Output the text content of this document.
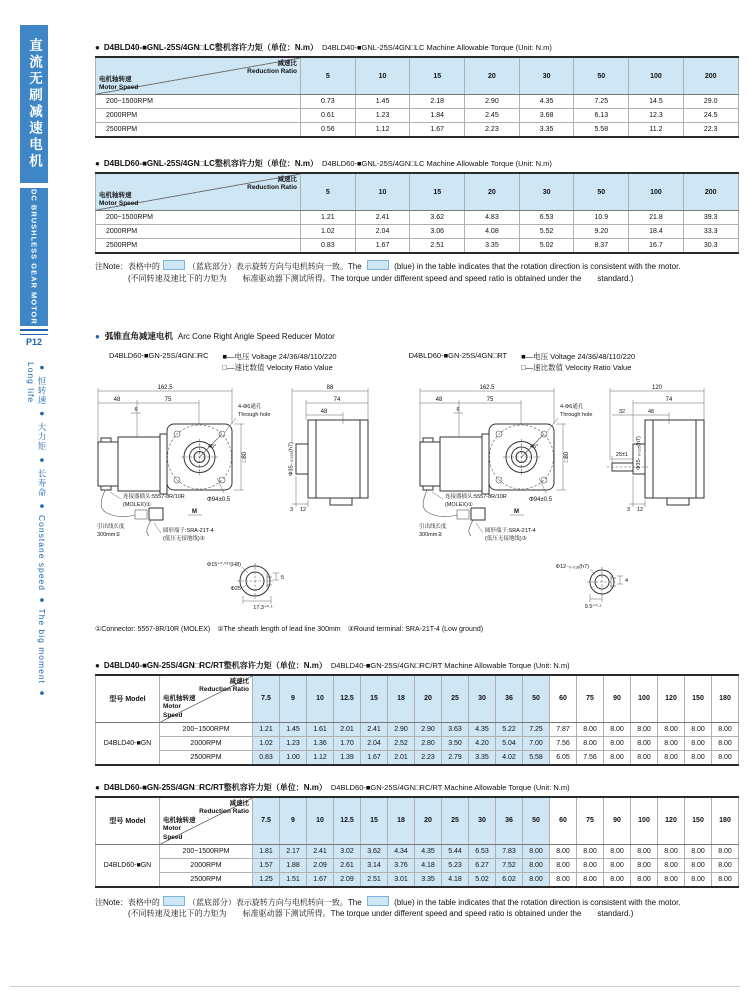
直流无刷减速电机
DC BRUSHLESS GEAR MOTOR
P12
● 恒转速 ● 大力矩 ● 长寿命 ● Constane speed ● The big moment ● Long life
● D4BLD40-■GNL-25S/4GN□LC整机容许力矩（单位：N.m） D4BLD40-■GNL-25S/4GN□LC Machine Allowable Torque (Unit: N.m)
减速比
Reduction Ratio
电机轴转速
Motor Speed	5	10	15	20	30	50	100	200
200~1500RPM	0.73	1.45	2.18	2.90	4.35	7.25	14.5	29.0
2000RPM	0.61	1.23	1.84	2.45	3.68	6.13	12.3	24.5
2500RPM	0.56	1.12	1.67	2.23	3.35	5.58	11.2	22.3
● D4BLD60-■GNL-25S/4GN□LC整机容许力矩（单位：N.m） D4BLD60-■GNL-25S/4GN□LC Machine Allowable Torque (Unit: N.m)
减速比
Reduction Ratio
电机轴转速
Motor Speed	5	10	15	20	30	50	100	200
200~1500RPM	1.21	2.41	3.62	4.83	6.53	10.9	21.8	39.3
2000RPM	1.02	2.04	3.06	4.08	5.52	9.20	18.4	33.3
2500RPM	0.83	1.67	2.51	3.35	5.02	8.37	16.7	30.3
注Note：表格中的	（蓝底部分）表示旋转方向与电机转向一致。The	(blue) in the table indicates that the rotation direction is consistent with the motor.
(不同转速及速比下的力矩为　　标准驱动器下测试所得。The torque under different speed and speed ratio is obtained under the　　standard.)
● 弧锥直角减速电机 Arc Cone Right Angle Speed Reducer Motor
D4BLD60-■GN-25S/4GN□RC ■—电压 Voltage 24/36/48/110/220
□—速比数值 Velocity Ratio Value
D4BLD60-■GN-25S/4GN□RT ■—电压 Voltage 24/36/48/110/220
□—速比数值 Velocity Ratio Value
162.5
48	75
6
45°
4-Φ6通孔
Through hole
□80
Φ94±0.5
连接器插头:5557-8R/10R
(MOLEX)①
M
引出线长度
300mm②
圆形端子:SRA-21T-4
(低压无接地线)③
88
74
48
Φ35₋₀.₀₂₅(h7)
3 12
Φ15⁺⁰·⁰²⁷(H8)
Φ25
17.3⁺⁰·¹
5
162.5
48	75
6
45°
4-Φ6通孔
Through hole
□80
Φ94±0.5
连接器插头:5557-8R/10R
(MOLEX)①
M
引出线长度
300mm②
圆形端子:SRA-21T-4
(低压无接地线)③
120
74
32	48
25±1 Φ35₋₀.₀₂₅(h7)
3 12
Φ12₋₀.₀₁₈(h7)
9.5⁺⁰·¹
4
①Connector: 5557-8R/10R (MOLEX)　②The sheath length of lead line 300mm　③Round terminal: SRA-21T-4 (Low ground)
● D4BLD40-■GN-25S/4GN□RC/RT整机容许力矩（单位：N.m） D4BLD40-■GN-25S/4GN□RC/RT Machine Allowable Torque (Unit: N.m)
型号 Model	减速比
Reduction Ratio
电机轴转速
Motor Speed	7.5	9	10	12.5	15	18	20	25	30	36	50	60	75	90	100	120	150	180
D4BLD40-■GN	200~1500RPM	1.21	1.45	1.61	2.01	2.41	2.90	2.90	3.63	4.35	5.22	7.25	7.87	8.00	8.00	8.00	8.00	8.00	8.00
	2000RPM	1.02	1.23	1.36	1.70	2.04	2.52	2.80	3.50	4.20	5.04	7.00	7.56	8.00	8.00	8.00	8.00	8.00	8.00
	2500RPM	0.83	1.00	1.12	1.39	1.67	2.01	2.23	2.79	3.35	4.02	5.58	6.05	7.56	8.00	8.00	8.00	8.00	8.00
● D4BLD60-■GN-25S/4GN□RC/RT整机容许力矩（单位：N.m） D4BLD60-■GN-25S/4GN□RC/RT Machine Allowable Torque (Unit: N.m)
型号 Model	减速比
Reduction Ratio
电机轴转速
Motor Speed	7.5	9	10	12.5	15	18	20	25	30	36	50	60	75	90	100	120	150	180
D4BLD60-■GN	200~1500RPM	1.81	2.17	2.41	3.02	3.62	4.34	4.35	5.44	6.53	7.83	8.00	8.00	8.00	8.00	8.00	8.00	8.00	8.00
	2000RPM	1.57	1.88	2.09	2.61	3.14	3.76	4.18	5.23	6.27	7.52	8.00	8.00	8.00	8.00	8.00	8.00	8.00	8.00
	2500RPM	1.25	1.51	1.67	2.09	2.51	3.01	3.35	4.18	5.02	6.02	8.00	8.00	8.00	8.00	8.00	8.00	8.00	8.00
注Note：表格中的	（蓝底部分）表示旋转方向与电机转向一致。The	(blue) in the table indicates that the rotation direction is consistent with the motor.
(不同转速及速比下的力矩为　　标准驱动器下测试所得。The torque under different speed and speed ratio is obtained under the　　standard.)
